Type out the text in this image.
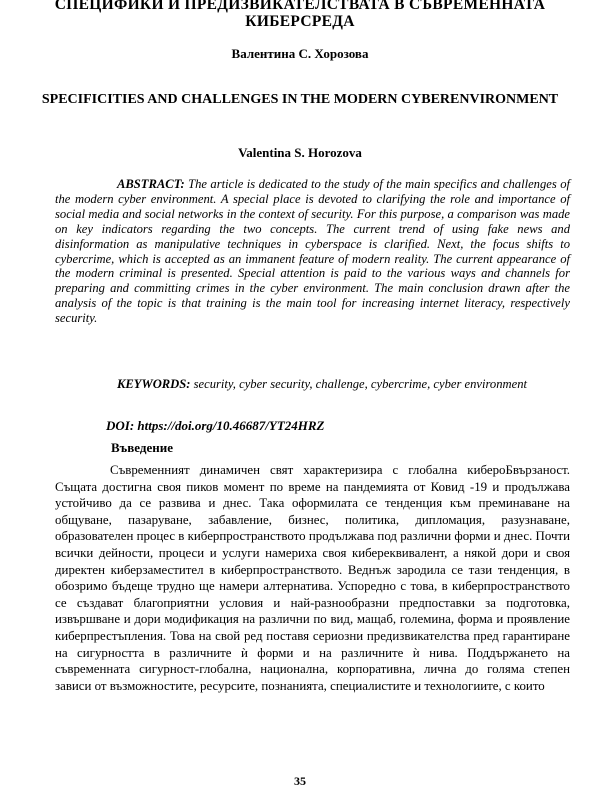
СПЕЦИФИКИ И ПРЕДИЗВИКАТЕЛСТВАТА В СЪВРЕМЕННАТА КИБЕРСРЕДА
Валентина С. Хорозова
SPECIFICITIES AND CHALLENGES IN THE MODERN CYBERENVIRONMENT
Valentina S. Horozova

ABSTRACT: The article is dedicated to the study of the main specifics and challenges of the modern cyber environment. A special place is devoted to clarifying the role and importance of social media and social networks in the context of security. For this purpose, a comparison was made on key indicators regarding the two concepts. The current trend of using fake news and disinformation as manipulative techniques in cyberspace is clarified. Next, the focus shifts to cybercrime, which is accepted as an immanent feature of modern reality. The current appearance of the modern criminal is presented. Special attention is paid to the various ways and channels for preparing and committing crimes in the cyber environment. The main conclusion drawn after the analysis of the topic is that training is the main tool for increasing internet literacy, respectively security.

KEYWORDS: security, cyber security, challenge, cybercrime, cyber environment

DOI: https://doi.org/10.46687/YT24HRZ
Въведение

Съвременният динамичен свят характеризира с глобална кибероБвързаност. Същата достигна своя пиков момент по време на пандемията от Ковид -19 и продължава устойчиво да се развива и днес. Така оформилата се тенденция към преминаване на общуване, пазаруване, забавление, бизнес, политика, дипломация, разузнаване, образователен процес в киберпространството продължава под различни форми и днес. Почти всички дейности, процеси и услуги намериха своя кибереквивалент, а някой дори и своя директен киберзаместител в киберпространството. Веднъж зародила се тази тенденция, в обозримо бъдеще трудно ще намери алтернатива. Успоредно с това, в киберпространството се създават благоприятни условия и най-разнообразни предпоставки за подготовка, извършване и дори модификация на различни по вид, мащаб, големина, форма и проявление киберпрестъпления. Това на свой ред поставя сериозни предизвикателства пред гарантиране на сигурността в различните ѝ форми и на различните ѝ нива. Поддържането на съвременната сигурност-глобална, национална, корпоративна, лична до голяма степен зависи от възможностите, ресурсите, познанията, специалистите и технологиите, с които

35
